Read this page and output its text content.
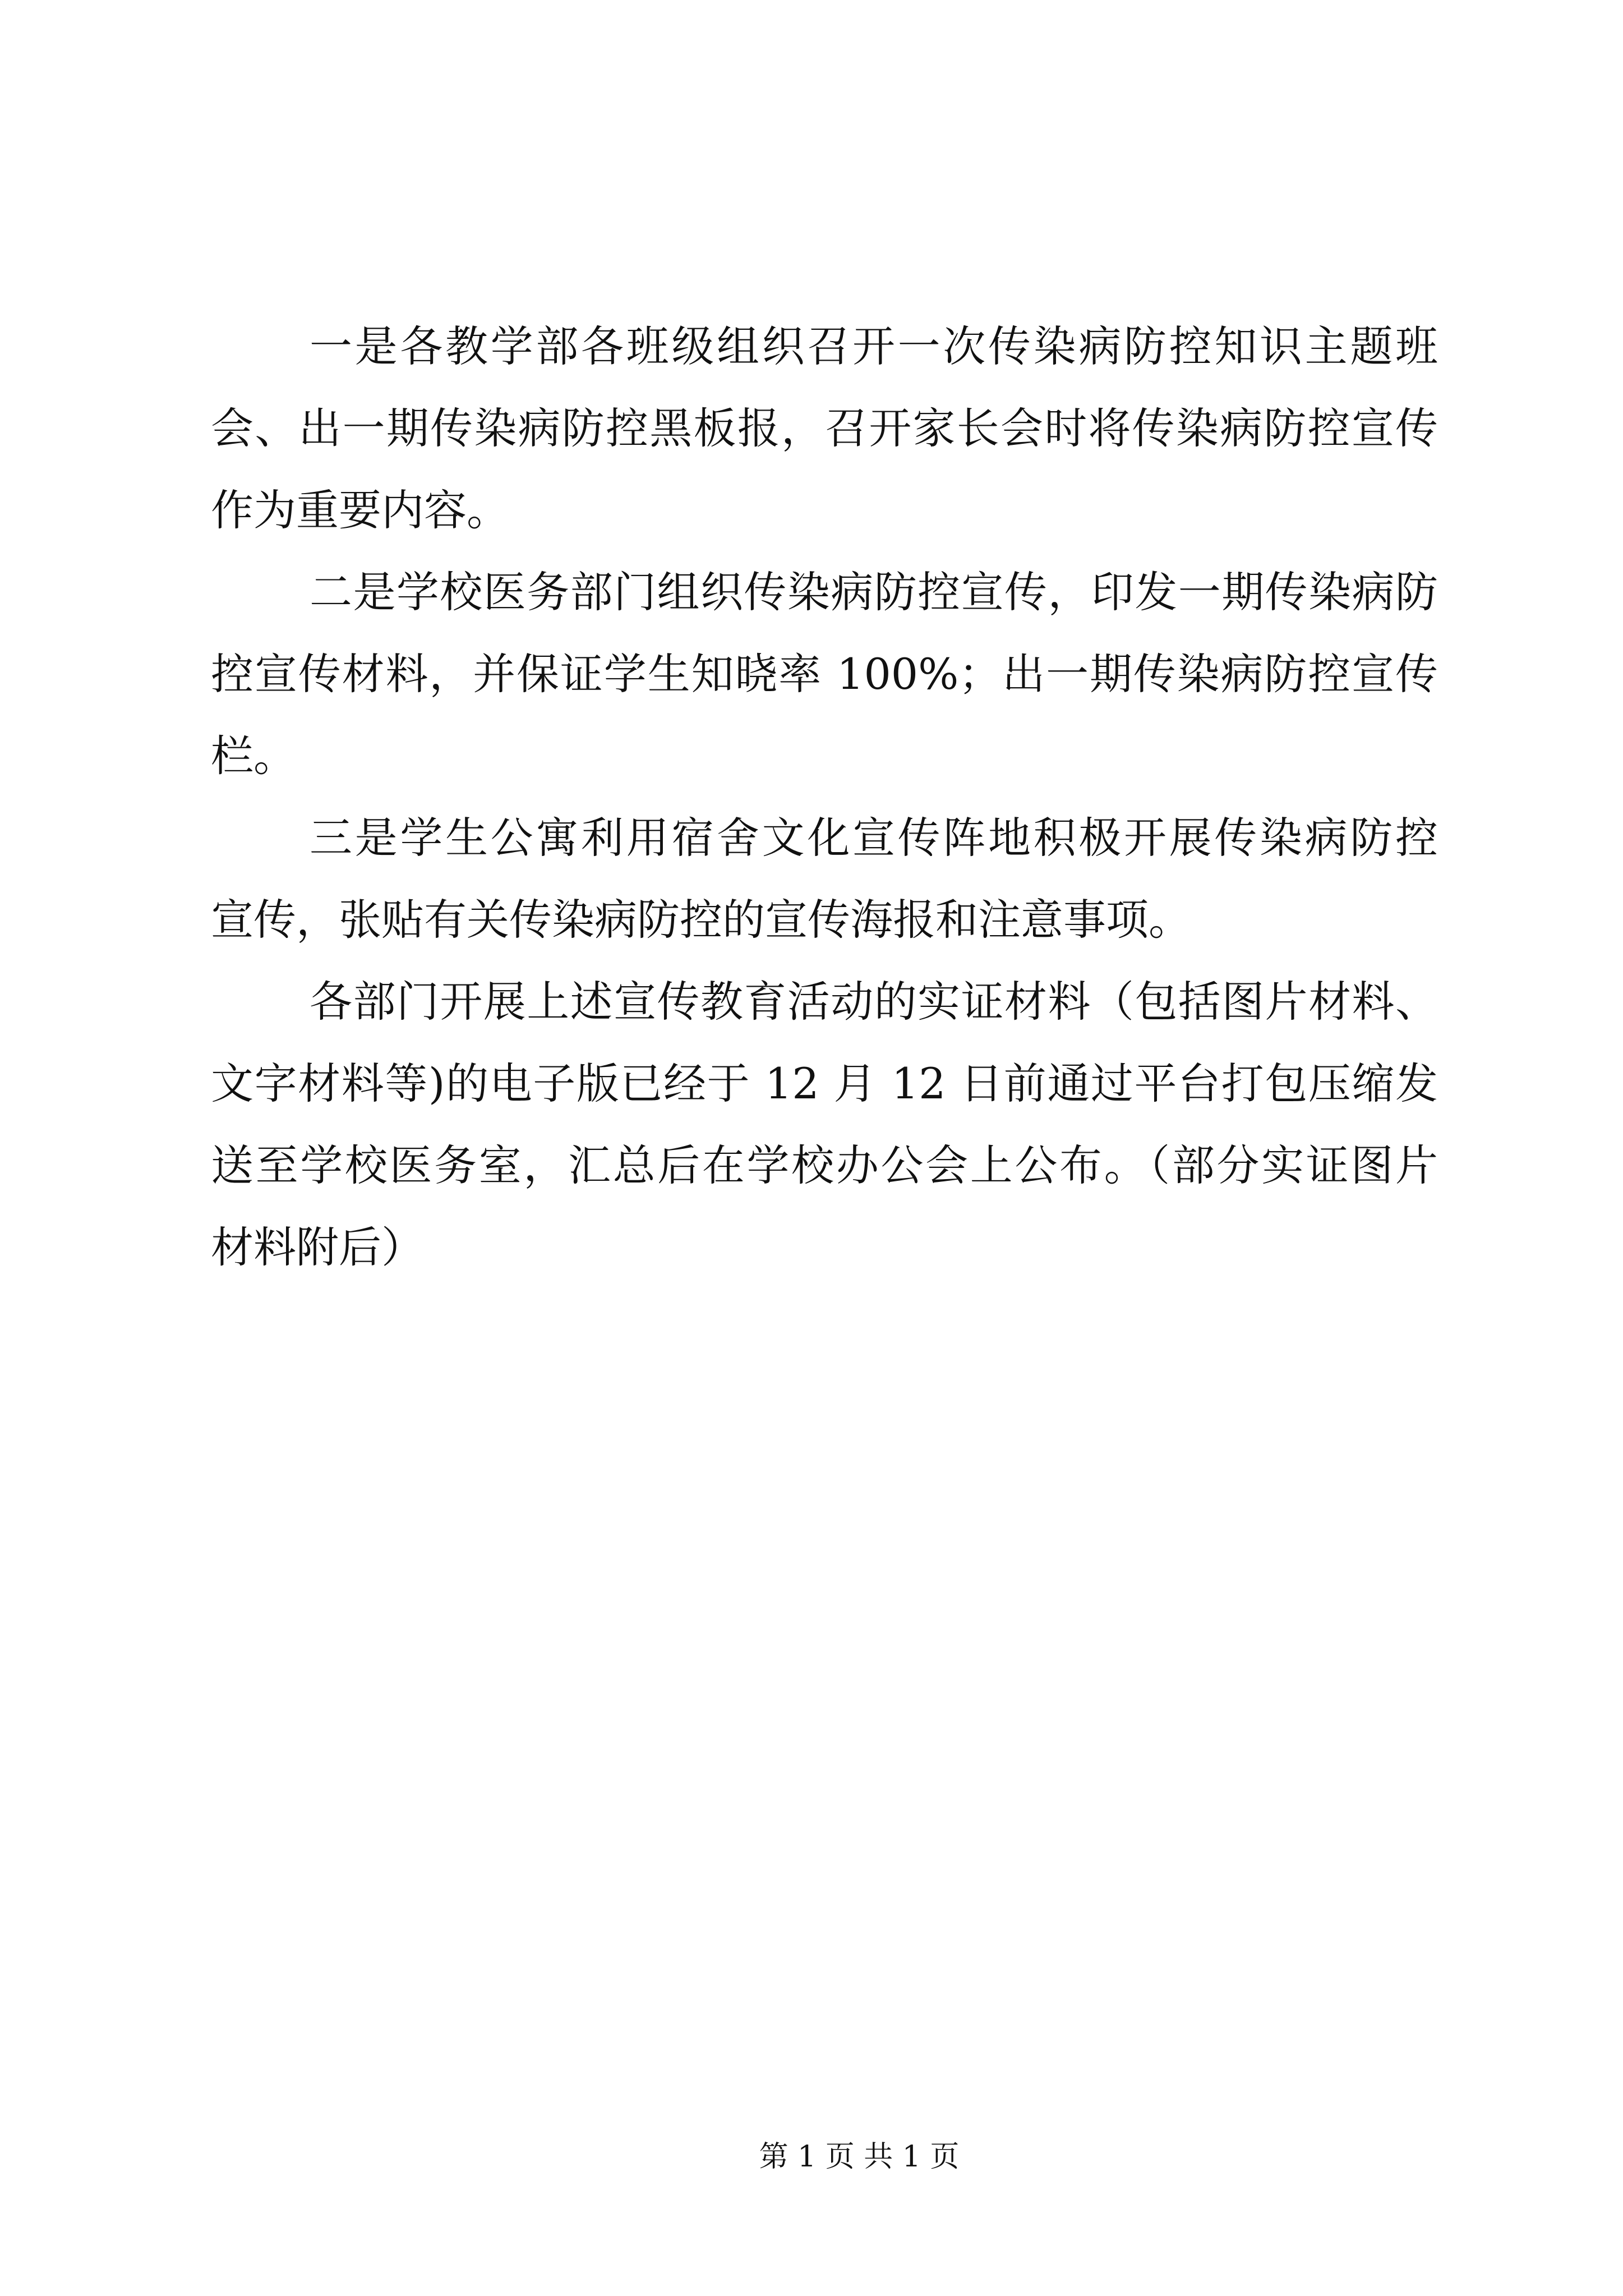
一是各教学部各班级组织召开一次传染病防控知识主题班
会、出一期传染病防控黑板报，召开家长会时将传染病防控宣传
作为重要内容。
二是学校医务部门组织传染病防控宣传，印发一期传染病防
控宣传材料，并保证学生知晓率 100%；出一期传染病防控宣传
栏。
三是学生公寓利用宿舍文化宣传阵地积极开展传染病防控
宣传，张贴有关传染病防控的宣传海报和注意事项。
各部门开展上述宣传教育活动的实证材料（包括图片材料、
文字材料等)的电子版已经于 12 月 12 日前通过平台打包压缩发
送至学校医务室，汇总后在学校办公会上公布。（部分实证图片
材料附后）
第 1 页 共 1 页
